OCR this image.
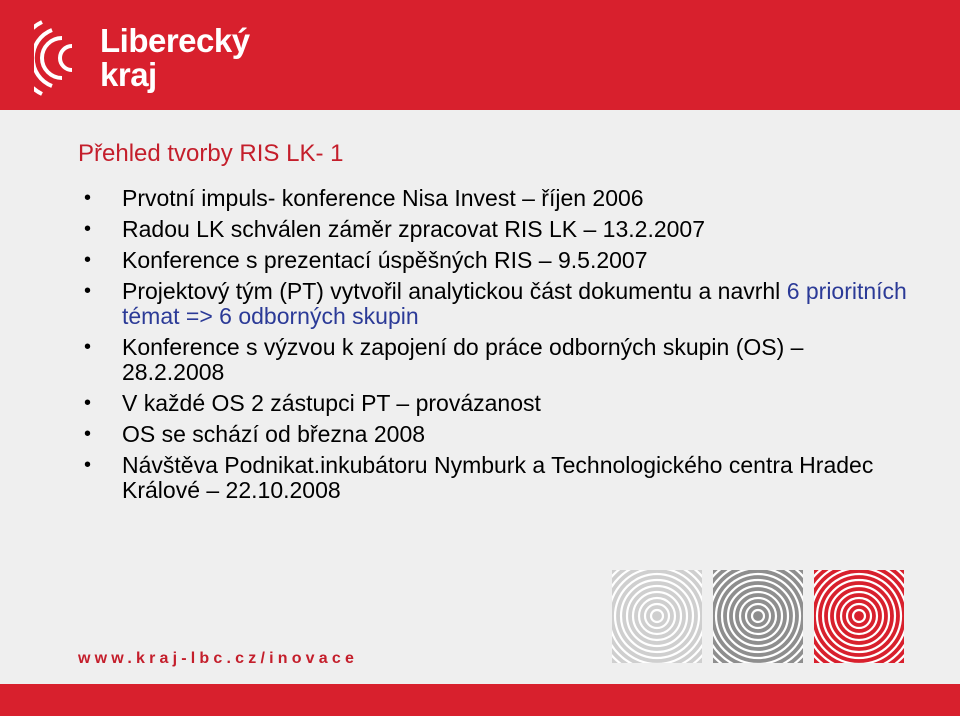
Liberecký
kraj
Přehled tvorby RIS LK- 1
• Prvotní impuls- konference Nisa Invest – říjen 2006
• Radou LK schválen záměr zpracovat RIS LK – 13.2.2007
• Konference s prezentací úspěšných RIS – 9.5.2007
• Projektový tým (PT) vytvořil analytickou část dokumentu a navrhl 6 prioritních témat => 6 odborných skupin
• Konference s výzvou k zapojení do práce odborných skupin (OS) – 28.2.2008
• V každé OS 2 zástupci PT – provázanost
• OS se schází od března 2008
• Návštěva Podnikat.inkubátoru Nymburk a Technologického centra Hradec Králové – 22.10.2008
www.kraj-lbc.cz/inovace
